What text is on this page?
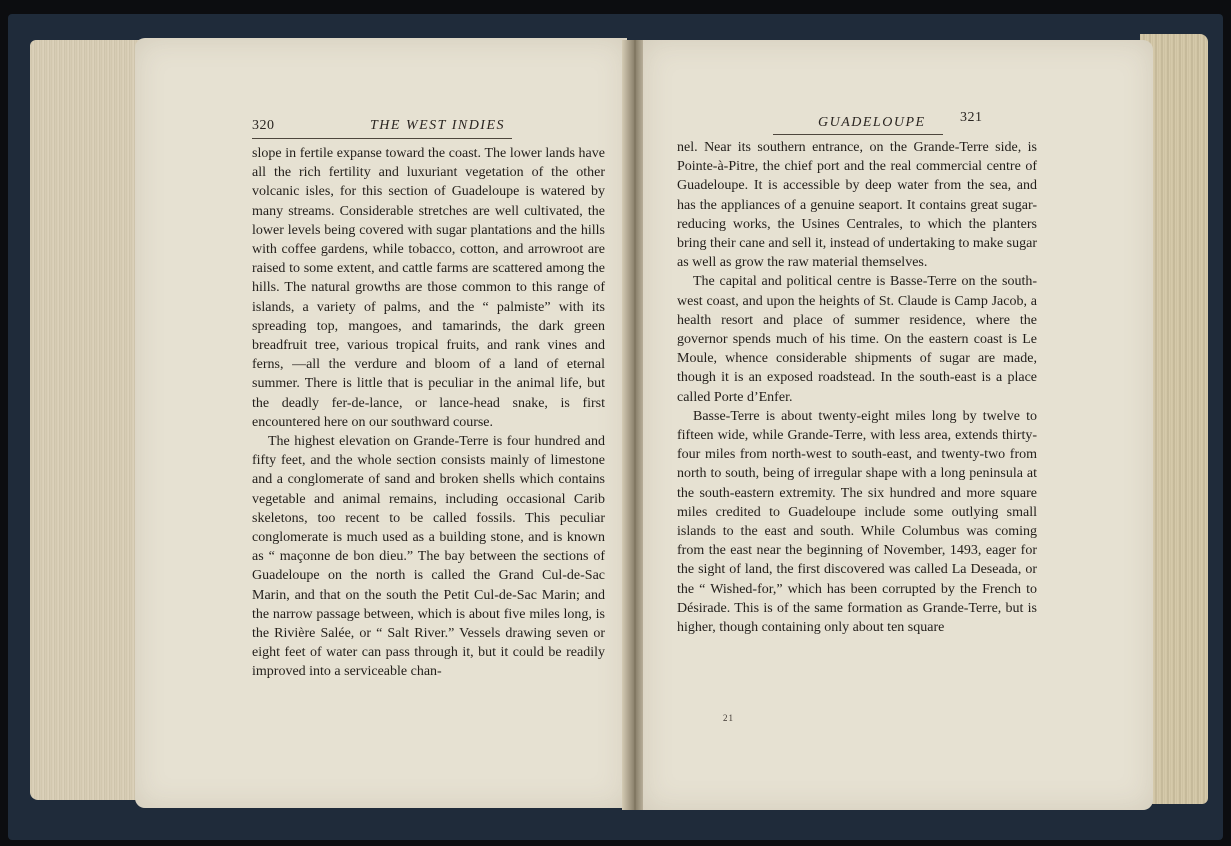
320	THE WEST INDIES

slope in fertile expanse toward the coast. The lower lands have all the rich fertility and luxuriant vegetation of the other volcanic isles, for this section of Guadeloupe is watered by many streams. Considerable stretches are well cultivated, the lower levels being covered with sugar plantations and the hills with coffee gardens, while tobacco, cotton, and arrowroot are raised to some extent, and cattle farms are scattered among the hills. The natural growths are those common to this range of islands, a variety of palms, and the “ palmiste” with its spreading top, mangoes, and tamarinds, the dark green breadfruit tree, various tropical fruits, and rank vines and ferns, —all the verdure and bloom of a land of eternal summer. There is little that is peculiar in the animal life, but the deadly fer-de-lance, or lance-head snake, is first encountered here on our southward course.

The highest elevation on Grande-Terre is four hundred and fifty feet, and the whole section consists mainly of limestone and a conglomerate of sand and broken shells which contains vegetable and animal remains, including occasional Carib skeletons, too recent to be called fossils. This peculiar conglomerate is much used as a building stone, and is known as “ maçonne de bon dieu.” The bay between the sections of Guadeloupe on the north is called the Grand Cul-de-Sac Marin, and that on the south the Petit Cul-de-Sac Marin; and the narrow passage between, which is about five miles long, is the Rivière Salée, or “ Salt River.” Vessels drawing seven or eight feet of water can pass through it, but it could be readily improved into a serviceable chan-

GUADELOUPE 321

nel. Near its southern entrance, on the Grande-Terre side, is Pointe-à-Pitre, the chief port and the real commercial centre of Guadeloupe. It is accessible by deep water from the sea, and has the appliances of a genuine seaport. It contains great sugar-reducing works, the Usines Centrales, to which the planters bring their cane and sell it, instead of undertaking to make sugar as well as grow the raw material themselves.

The capital and political centre is Basse-Terre on the south-west coast, and upon the heights of St. Claude is Camp Jacob, a health resort and place of summer residence, where the governor spends much of his time. On the eastern coast is Le Moule, whence considerable shipments of sugar are made, though it is an exposed roadstead. In the south-east is a place called Porte d’Enfer.

Basse-Terre is about twenty-eight miles long by twelve to fifteen wide, while Grande-Terre, with less area, extends thirty-four miles from north-west to south-east, and twenty-two from north to south, being of irregular shape with a long peninsula at the south-eastern extremity. The six hundred and more square miles credited to Guadeloupe include some outlying small islands to the east and south. While Columbus was coming from the east near the beginning of November, 1493, eager for the sight of land, the first discovered was called La Deseada, or the “ Wished-for,” which has been corrupted by the French to Désirade. This is of the same formation as Grande-Terre, but is higher, though containing only about ten square

21
